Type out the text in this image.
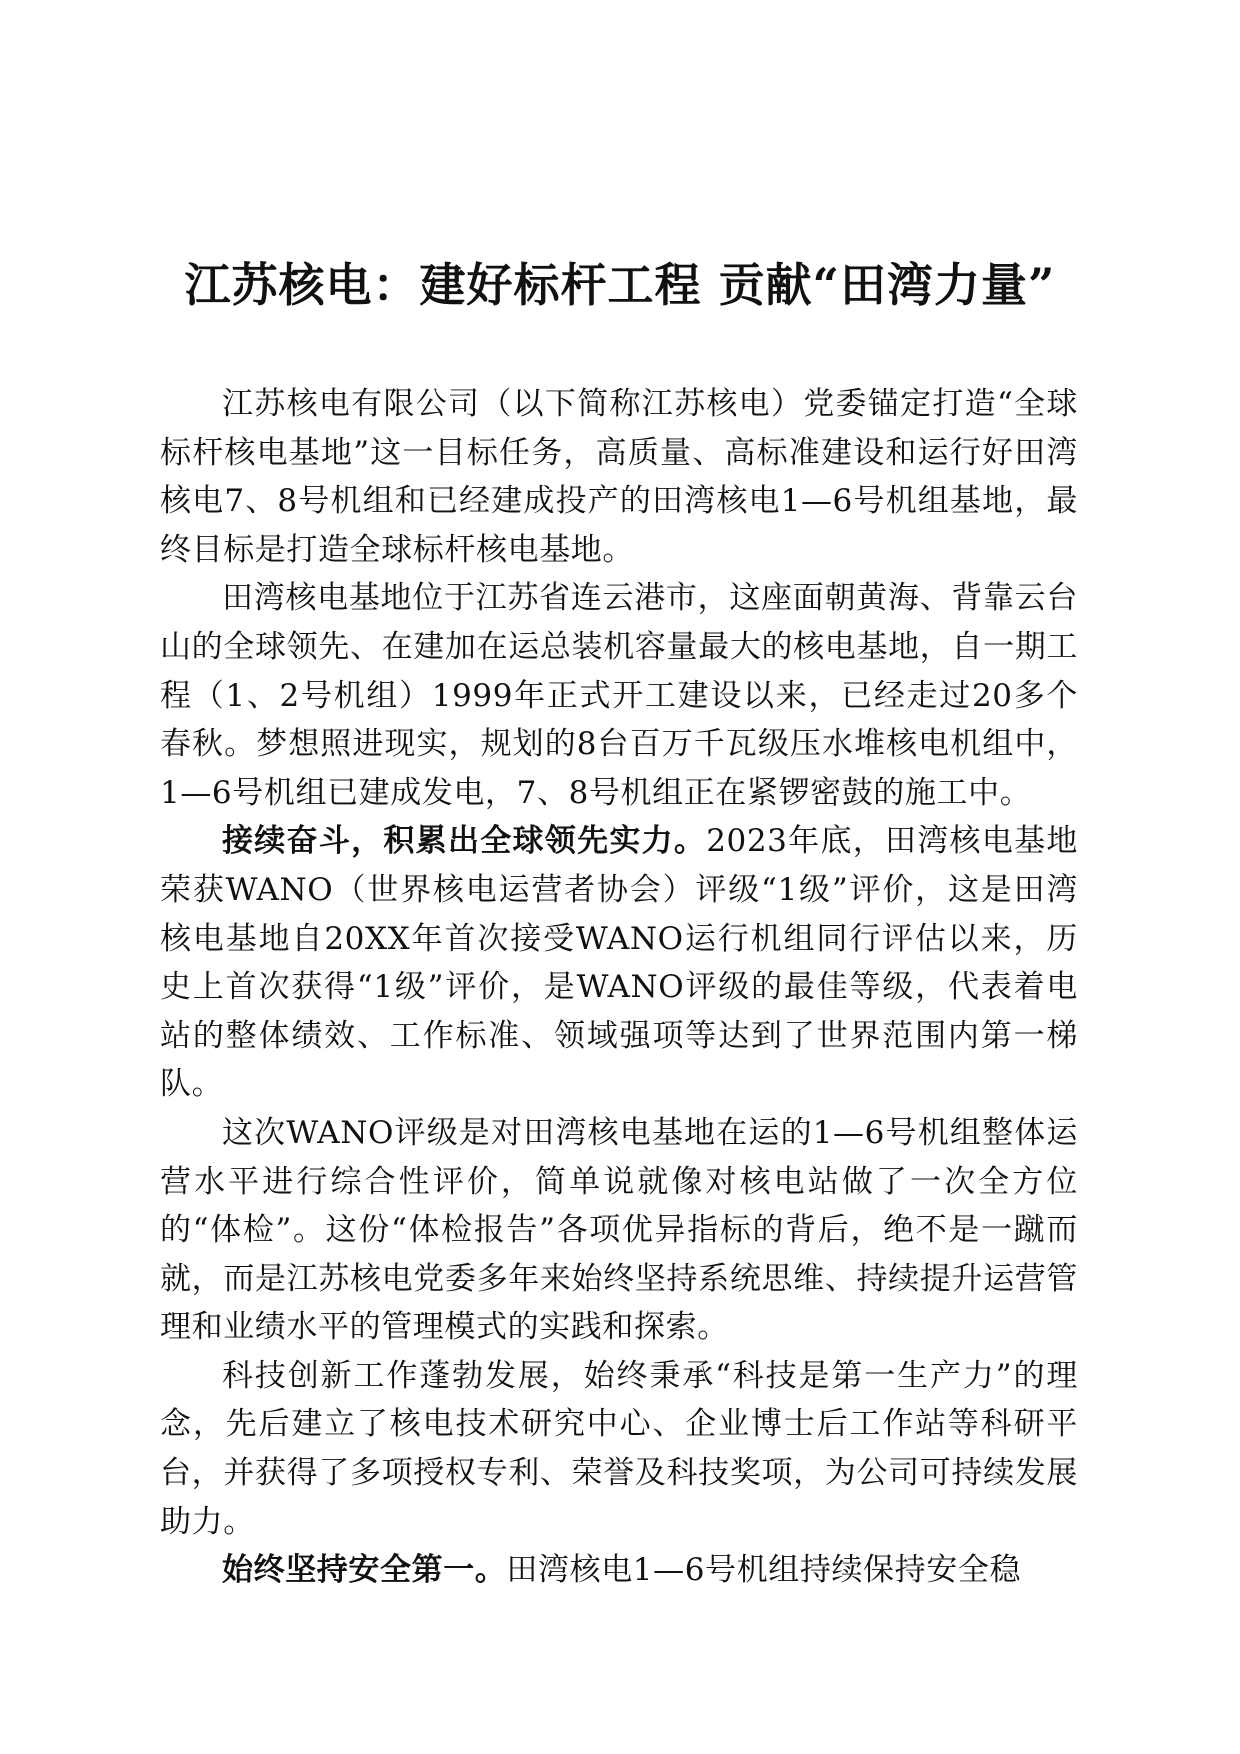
江苏核电：建好标杆工程 贡献“田湾力量”

江苏核电有限公司（以下简称江苏核电）党委锚定打造“全球标杆核电基地”这一目标任务，高质量、高标准建设和运行好田湾核电7、8号机组和已经建成投产的田湾核电1—6号机组基地，最终目标是打造全球标杆核电基地。

田湾核电基地位于江苏省连云港市，这座面朝黄海、背靠云台山的全球领先、在建加在运总装机容量最大的核电基地，自一期工程（1、2号机组）1999年正式开工建设以来，已经走过20多个春秋。梦想照进现实，规划的8台百万千瓦级压水堆核电机组中，1—6号机组已建成发电，7、8号机组正在紧锣密鼓的施工中。

接续奋斗，积累出全球领先实力。2023年底，田湾核电基地荣获WANO（世界核电运营者协会）评级“1级”评价，这是田湾核电基地自20XX年首次接受WANO运行机组同行评估以来，历史上首次获得“1级”评价，是WANO评级的最佳等级，代表着电站的整体绩效、工作标准、领域强项等达到了世界范围内第一梯队。

这次WANO评级是对田湾核电基地在运的1—6号机组整体运营水平进行综合性评价，简单说就像对核电站做了一次全方位的“体检”。这份“体检报告”各项优异指标的背后，绝不是一蹴而就，而是江苏核电党委多年来始终坚持系统思维、持续提升运营管理和业绩水平的管理模式的实践和探索。

科技创新工作蓬勃发展，始终秉承“科技是第一生产力”的理念，先后建立了核电技术研究中心、企业博士后工作站等科研平台，并获得了多项授权专利、荣誉及科技奖项，为公司可持续发展助力。

始终坚持安全第一。田湾核电1—6号机组持续保持安全稳
